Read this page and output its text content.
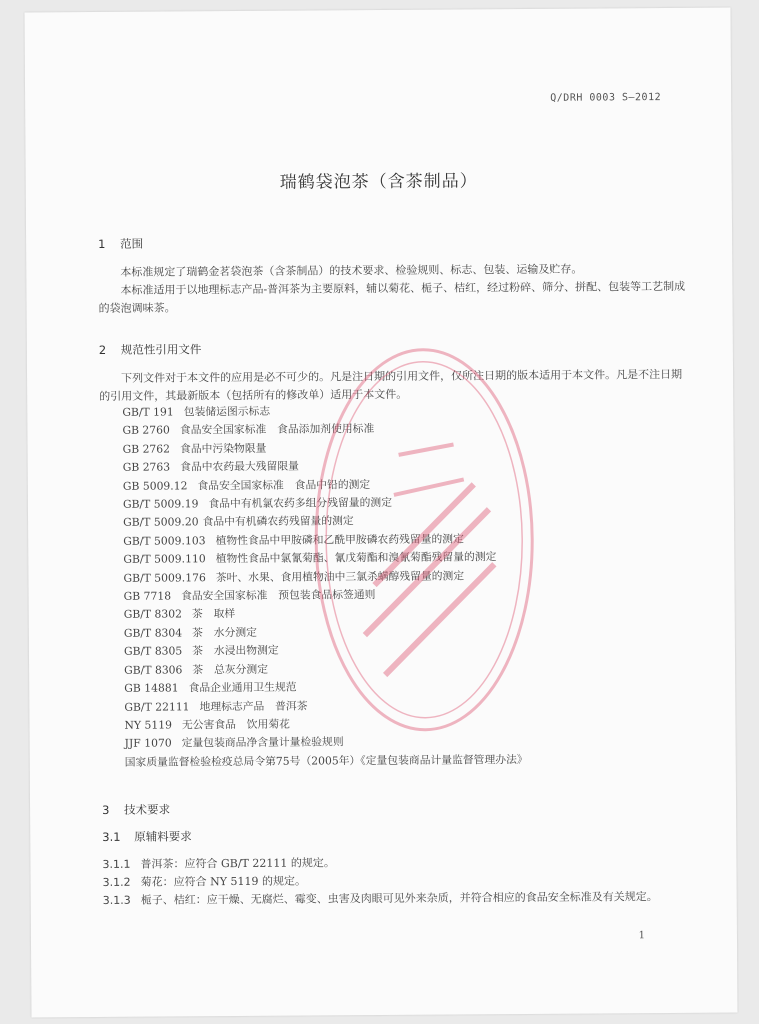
Q/DRH 0003 S—2012
瑞鹤袋泡茶（含茶制品）
1 范围
本标准规定了瑞鹤金茗袋泡茶（含茶制品）的技术要求、检验规则、标志、包装、运输及贮存。
本标准适用于以地理标志产品-普洱茶为主要原料，辅以菊花、栀子、桔红，经过粉碎、筛分、拼配、包装等工艺制成的袋泡调味茶。
2 规范性引用文件
下列文件对于本文件的应用是必不可少的。凡是注日期的引用文件，仅所注日期的版本适用于本文件。凡是不注日期的引用文件，其最新版本（包括所有的修改单）适用于本文件。
GB/T 191 包装储运图示标志
GB 2760 食品安全国家标准　食品添加剂使用标准
GB 2762 食品中污染物限量
GB 2763 食品中农药最大残留限量
GB 5009.12 食品安全国家标准　食品中铅的测定
GB/T 5009.19 食品中有机氯农药多组分残留量的测定
GB/T 5009.20 食品中有机磷农药残留量的测定
GB/T 5009.103 植物性食品中甲胺磷和乙酰甲胺磷农药残留量的测定
GB/T 5009.110 植物性食品中氯氰菊酯、氰戊菊酯和溴氰菊酯残留量的测定
GB/T 5009.176 茶叶、水果、食用植物油中三氯杀螨醇残留量的测定
GB 7718 食品安全国家标准　预包装食品标签通则
GB/T 8302 茶　取样
GB/T 8304 茶　水分测定
GB/T 8305 茶　水浸出物测定
GB/T 8306 茶　总灰分测定
GB 14881 食品企业通用卫生规范
GB/T 22111 地理标志产品　普洱茶
NY 5119 无公害食品　饮用菊花
JJF 1070 定量包装商品净含量计量检验规则
国家质量监督检验检疫总局令第75号（2005年）《定量包装商品计量监督管理办法》
3 技术要求
3.1 原辅料要求
3.1.1 普洱茶：应符合 GB/T 22111 的规定。
3.1.2 菊花：应符合 NY 5119 的规定。
3.1.3 栀子、桔红：应干燥、无腐烂、霉变、虫害及肉眼可见外来杂质，并符合相应的食品安全标准及有关规定。
1
